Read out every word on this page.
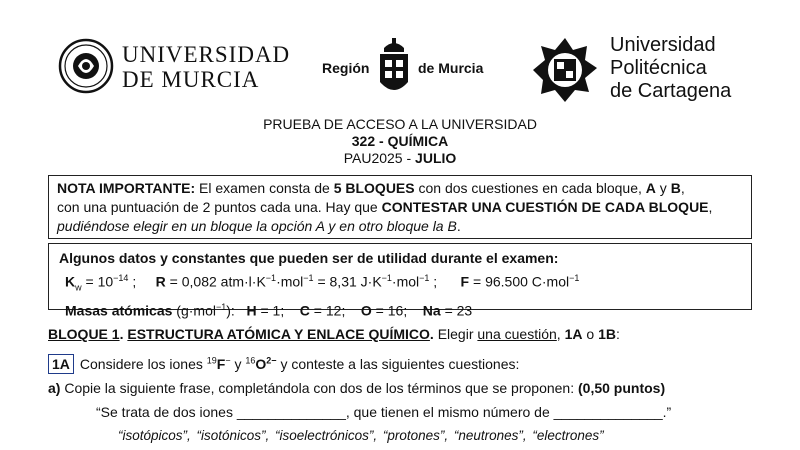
UNIVERSIDAD
DE MURCIA	Región	de Murcia
Universidad
Politécnica
de Cartagena
PRUEBA DE ACCESO A LA UNIVERSIDAD
322 - QUÍMICA
PAU2025 - JULIO
NOTA IMPORTANTE: El examen consta de 5 BLOQUES con dos cuestiones en cada bloque, A y B,
con una puntuación de 2 puntos cada una. Hay que CONTESTAR UNA CUESTIÓN DE CADA BLOQUE,
pudiéndose elegir en un bloque la opción A y en otro bloque la B.
Algunos datos y constantes que pueden ser de utilidad durante el examen:
$K_w = 10^{-14}$ ; R = 0,082 $atm\cdot l\cdot K^{-1}\cdot mol^{-1} = 8,31$ $J\cdot K^{-1}\cdot mol^{-1}$ ; F = 96.500 C·mol$^{-1}$
Masas atómicas (g·mol$^{-1}$): H = 1; C = 12; O = 16; Na = 23
BLOQUE 1. ESTRUCTURA ATÓMICA Y ENLACE QUÍMICO. Elegir una cuestión, 1A o 1B:
1A Considere los iones $^{19}$F− y $^{16}O^{2-}$ y conteste a las siguientes cuestiones:
a) Copie la siguiente frase, completándola con dos de los términos que se proponen: (0,50 puntos)
“Se trata de dos iones ______________, que tienen el mismo número de ______________.”
“isotópicos”, “isotónicos”, “isoelectrónicos”, “protones”, “neutrones”, “electrones”
